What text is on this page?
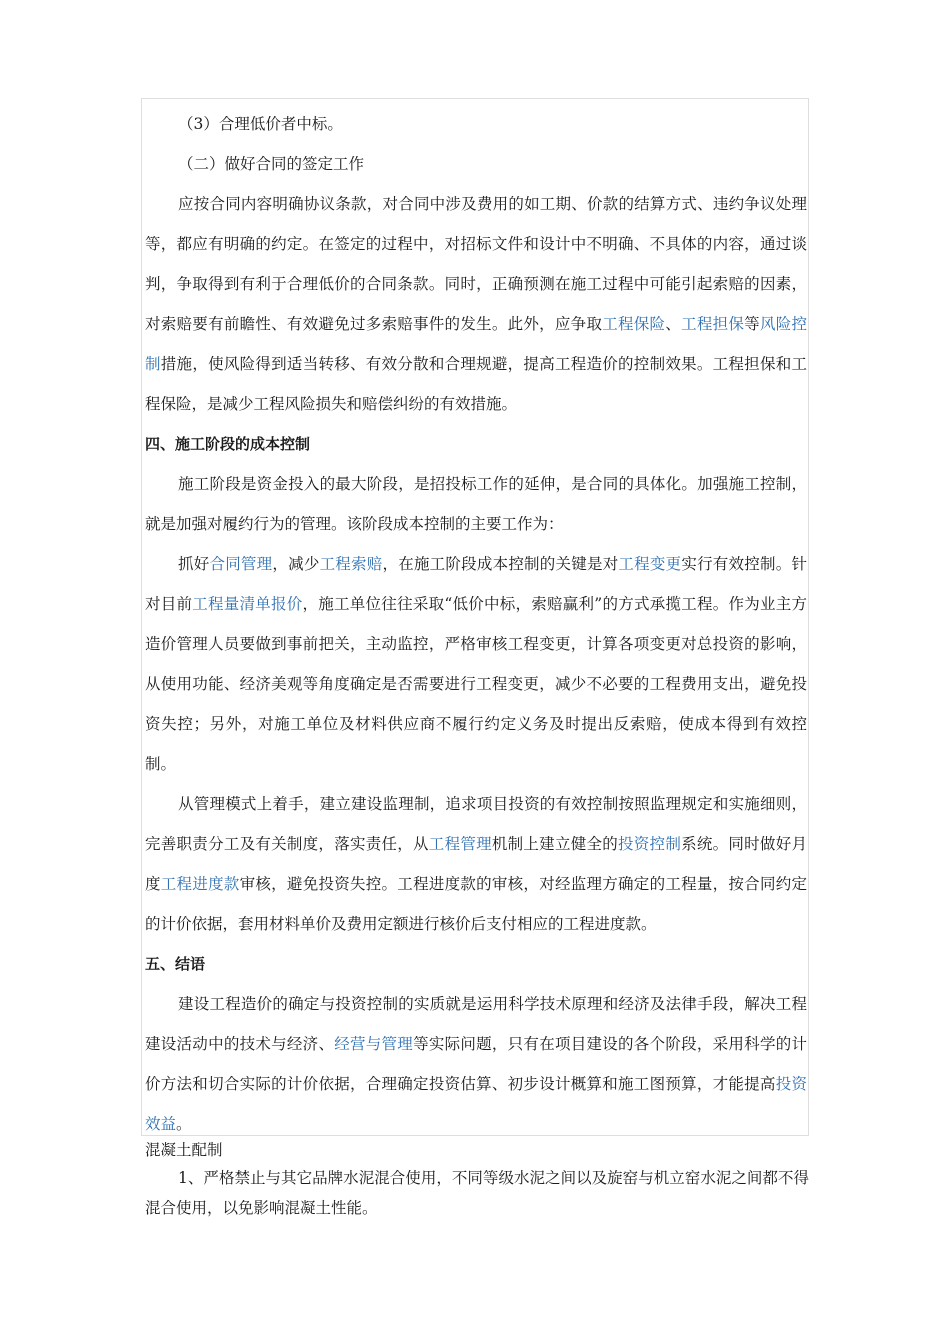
（3）合理低价者中标。

（二）做好合同的签定工作

应按合同内容明确协议条款，对合同中涉及费用的如工期、价款的结算方式、违约争议处理等，都应有明确的约定。在签定的过程中，对招标文件和设计中不明确、不具体的内容，通过谈判，争取得到有利于合理低价的合同条款。同时，正确预测在施工过程中可能引起索赔的因素，对索赔要有前瞻性、有效避免过多索赔事件的发生。此外，应争取工程保险、工程担保等风险控制措施，使风险得到适当转移、有效分散和合理规避，提高工程造价的控制效果。工程担保和工程保险，是减少工程风险损失和赔偿纠纷的有效措施。

四、施工阶段的成本控制

施工阶段是资金投入的最大阶段，是招投标工作的延伸，是合同的具体化。加强施工控制，就是加强对履约行为的管理。该阶段成本控制的主要工作为：

抓好合同管理，减少工程索赔，在施工阶段成本控制的关键是对工程变更实行有效控制。针对目前工程量清单报价，施工单位往往采取“低价中标，索赔赢利”的方式承揽工程。作为业主方造价管理人员要做到事前把关，主动监控，严格审核工程变更，计算各项变更对总投资的影响，从使用功能、经济美观等角度确定是否需要进行工程变更，减少不必要的工程费用支出，避免投资失控；另外，对施工单位及材料供应商不履行约定义务及时提出反索赔，使成本得到有效控制。

从管理模式上着手，建立建设监理制，追求项目投资的有效控制按照监理规定和实施细则，完善职责分工及有关制度，落实责任，从工程管理机制上建立健全的投资控制系统。同时做好月度工程进度款审核，避免投资失控。工程进度款的审核，对经监理方确定的工程量，按合同约定的计价依据，套用材料单价及费用定额进行核价后支付相应的工程进度款。

五、结语

建设工程造价的确定与投资控制的实质就是运用科学技术原理和经济及法律手段，解决工程建设活动中的技术与经济、经营与管理等实际问题，只有在项目建设的各个阶段，采用科学的计价方法和切合实际的计价依据，合理确定投资估算、初步设计概算和施工图预算，才能提高投资效益。

混凝土配制

1、严格禁止与其它品牌水泥混合使用，不同等级水泥之间以及旋窑与机立窑水泥之间都不得混合使用，以免影响混凝土性能。
